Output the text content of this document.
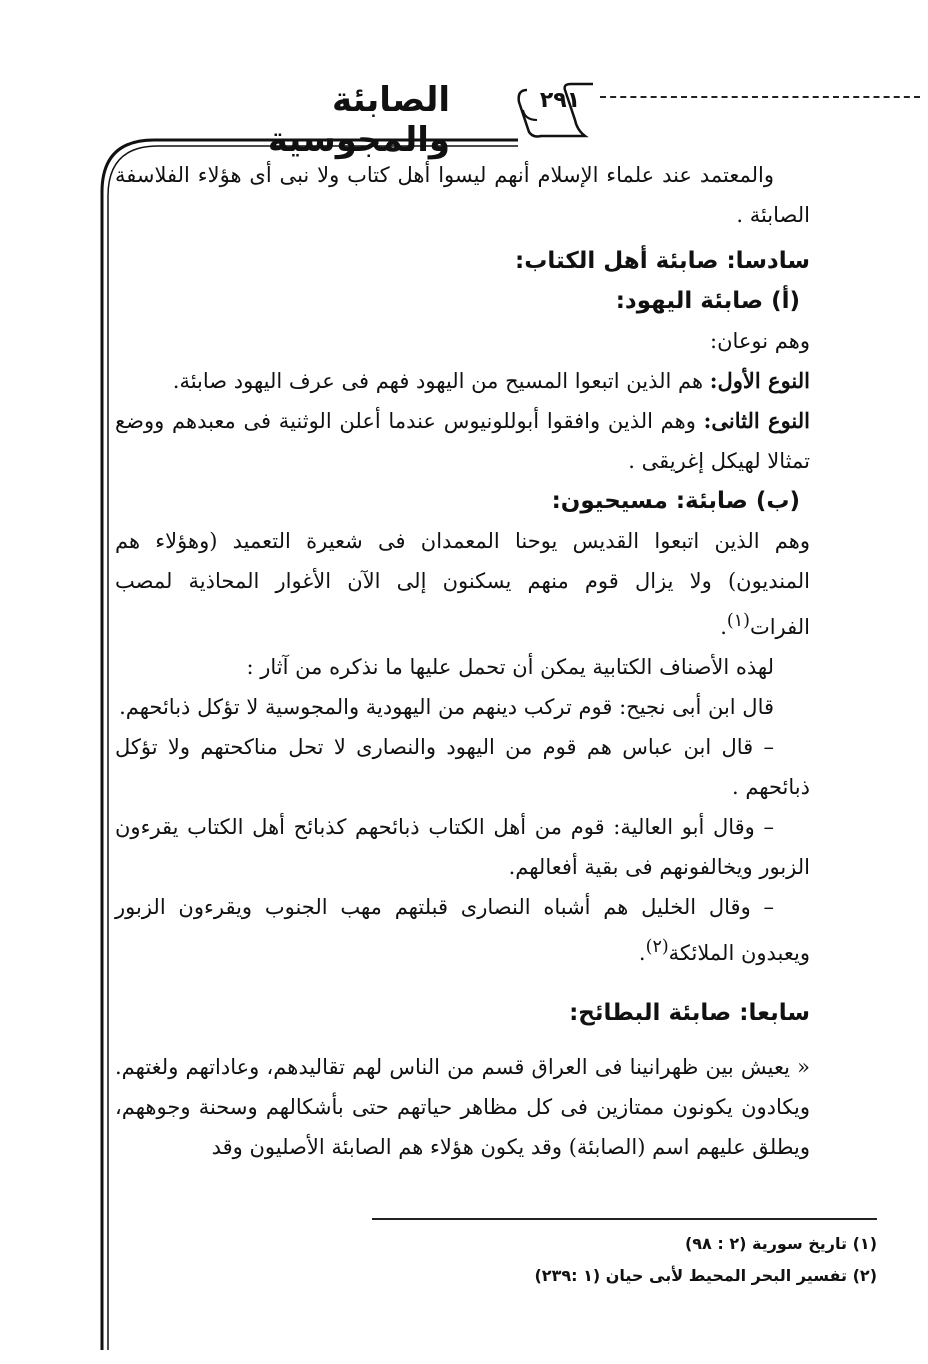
الصابئة والمجوسية
٢٩١

والمعتمد عند علماء الإسلام أنهم ليسوا أهل كتاب ولا نبى أى هؤلاء الفلاسفة الصابئة .

سادسا: صابئة أهل الكتاب:

(أ) صابئة اليهود:

وهم نوعان:

النوع الأول: هم الذين اتبعوا المسيح من اليهود فهم فى عرف اليهود صابئة.

النوع الثانى: وهم الذين وافقوا أبوللونيوس عندما أعلن الوثنية فى معبدهم ووضع تمثالا لهيكل إغريقى .

(ب) صابئة: مسيحيون:

وهم الذين اتبعوا القديس يوحنا المعمدان فى شعيرة التعميد (وهؤلاء هم المنديون) ولا يزال قوم منهم يسكنون إلى الآن الأغوار المحاذية لمصب الفرات$^{(١)}$.

لهذه الأصناف الكتابية يمكن أن تحمل عليها ما نذكره من آثار :

قال ابن أبى نجيح: قوم تركب دينهم من اليهودية والمجوسية لا تؤكل ذبائحهم.

– قال ابن عباس هم قوم من اليهود والنصارى لا تحل مناكحتهم ولا تؤكل ذبائحهم .

– وقال أبو العالية: قوم من أهل الكتاب ذبائحهم كذبائح أهل الكتاب يقرءون الزبور ويخالفونهم فى بقية أفعالهم.

– وقال الخليل هم أشباه النصارى قبلتهم مهب الجنوب ويقرءون الزبور ويعبدون الملائكة$^{(٢)}$.

سابعا: صابئة البطائح:

« يعيش بين ظهرانينا فى العراق قسم من الناس لهم تقاليدهم، وعاداتهم ولغتهم. ويكادون يكونون ممتازين فى كل مظاهر حياتهم حتى بأشكالهم وسحنة وجوههم، ويطلق عليهم اسم (الصابئة) وقد يكون هؤلاء هم الصابئة الأصليون وقد

(١) تاريخ سورية (٢ : ٩٨)

(٢) تفسير البحر المحيط لأبى حيان (١ :٢٣٩)
